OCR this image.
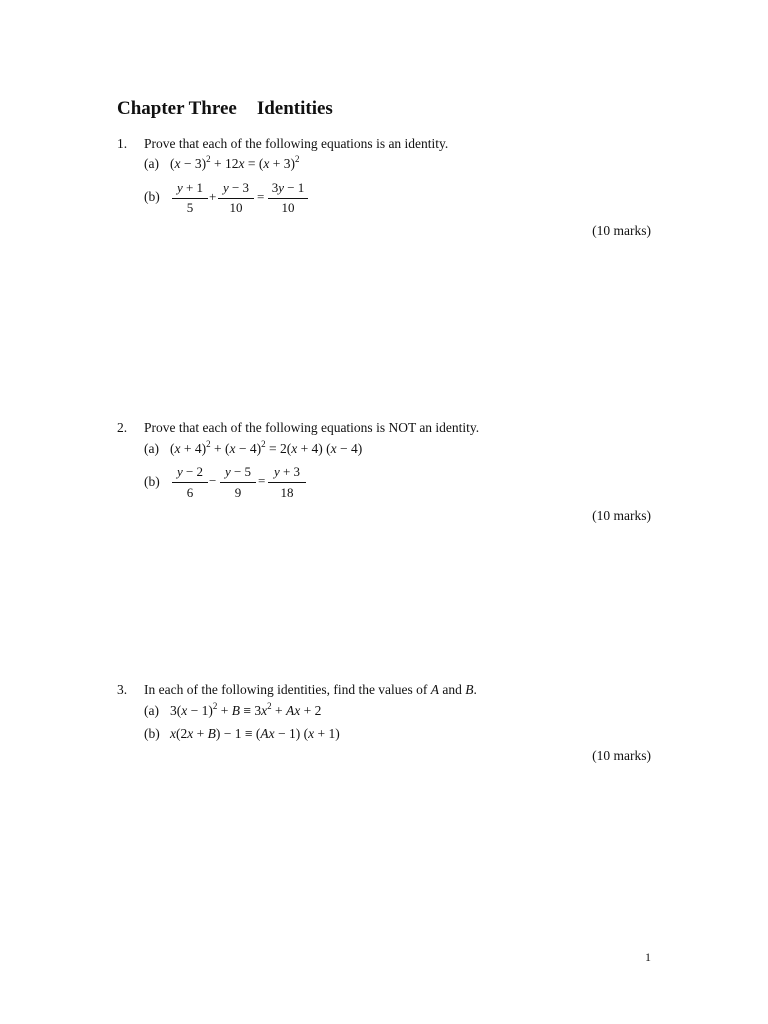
Chapter Three Identities
1. Prove that each of the following equations is an identity.
(a) $(x - 3)^2 + 12x = (x + 3)^2$
(b)
y + 1
5
+
y − 3
10
=
3y − 1
10
(10 marks)
2. Prove that each of the following equations is NOT an identity.
(a) $(x + 4)^2 + (x - 4)^2 = 2(x + 4)$ (x − 4)
(b)
y − 2
6
−
y − 5
9
=
y + 3
18
(10 marks)
3. In each of the following identities, find the values of A and B.
(a) $3(x - 1)^2 + B \equiv 3x^2 + Ax + 2$
(b) x(2x + B) − 1 ≡ (Ax − 1) (x + 1)
(10 marks)
1
